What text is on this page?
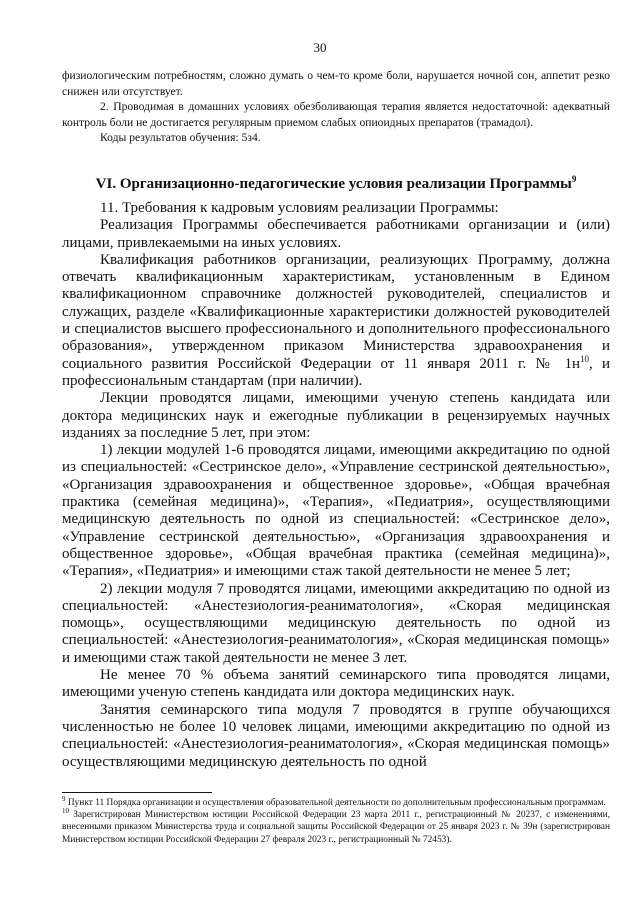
30

физиологическим потребностям, сложно думать о чем-то кроме боли, нарушается ночной сон, аппетит резко снижен или отсутствует.

2. Проводимая в домашних условиях обезболивающая терапия является недостаточной: адекватный контроль боли не достигается регулярным приемом слабых опиоидных препаратов (трамадол).

Коды результатов обучения: 5з4.

VI. Организационно-педагогические условия реализации Программы$^9$

11. Требования к кадровым условиям реализации Программы:

Реализация Программы обеспечивается работниками организации и (или) лицами, привлекаемыми на иных условиях.

Квалификация работников организации, реализующих Программу, должна отвечать квалификационным характеристикам, установленным в Едином квалификационном справочнике должностей руководителей, специалистов и служащих, разделе «Квалификационные характеристики должностей руководителей и специалистов высшего профессионального и дополнительного профессионального образования», утвержденном приказом Министерства здравоохранения и социального развития Российской Федерации от 11 января 2011 г. № $1н^{10}$, и профессиональным стандартам (при наличии).

Лекции проводятся лицами, имеющими ученую степень кандидата или доктора медицинских наук и ежегодные публикации в рецензируемых научных изданиях за последние 5 лет, при этом:

1) лекции модулей 1-6 проводятся лицами, имеющими аккредитацию по одной из специальностей: «Сестринское дело», «Управление сестринской деятельностью», «Организация здравоохранения и общественное здоровье», «Общая врачебная практика (семейная медицина)», «Терапия», «Педиатрия», осуществляющими медицинскую деятельность по одной из специальностей: «Сестринское дело», «Управление сестринской деятельностью», «Организация здравоохранения и общественное здоровье», «Общая врачебная практика (семейная медицина)», «Терапия», «Педиатрия» и имеющими стаж такой деятельности не менее 5 лет;

2) лекции модуля 7 проводятся лицами, имеющими аккредитацию по одной из специальностей: «Анестезиология-реаниматология», «Скорая медицинская помощь», осуществляющими медицинскую деятельность по одной из специальностей: «Анестезиология-реаниматология», «Скорая медицинская помощь» и имеющими стаж такой деятельности не менее 3 лет.

Не менее 70 % объема занятий семинарского типа проводятся лицами, имеющими ученую степень кандидата или доктора медицинских наук.

Занятия семинарского типа модуля 7 проводятся в группе обучающихся численностью не более 10 человек лицами, имеющими аккредитацию по одной из специальностей: «Анестезиология-реаниматология», «Скорая медицинская помощь» осуществляющими медицинскую деятельность по одной

$^9$ Пункт 11 Порядка организации и осуществления образовательной деятельности по дополнительным профессиональным программам.
$^{10}$ Зарегистрирован Министерством юстиции Российской Федерации 23 марта 2011 г., регистрационный № 20237, с изменениями, внесенными приказом Министерства труда и социальной защиты Российской Федерации от 25 января 2023 г. № 39н (зарегистрирован Министерством юстиции Российской Федерации 27 февраля 2023 г., регистрационный № 72453).
